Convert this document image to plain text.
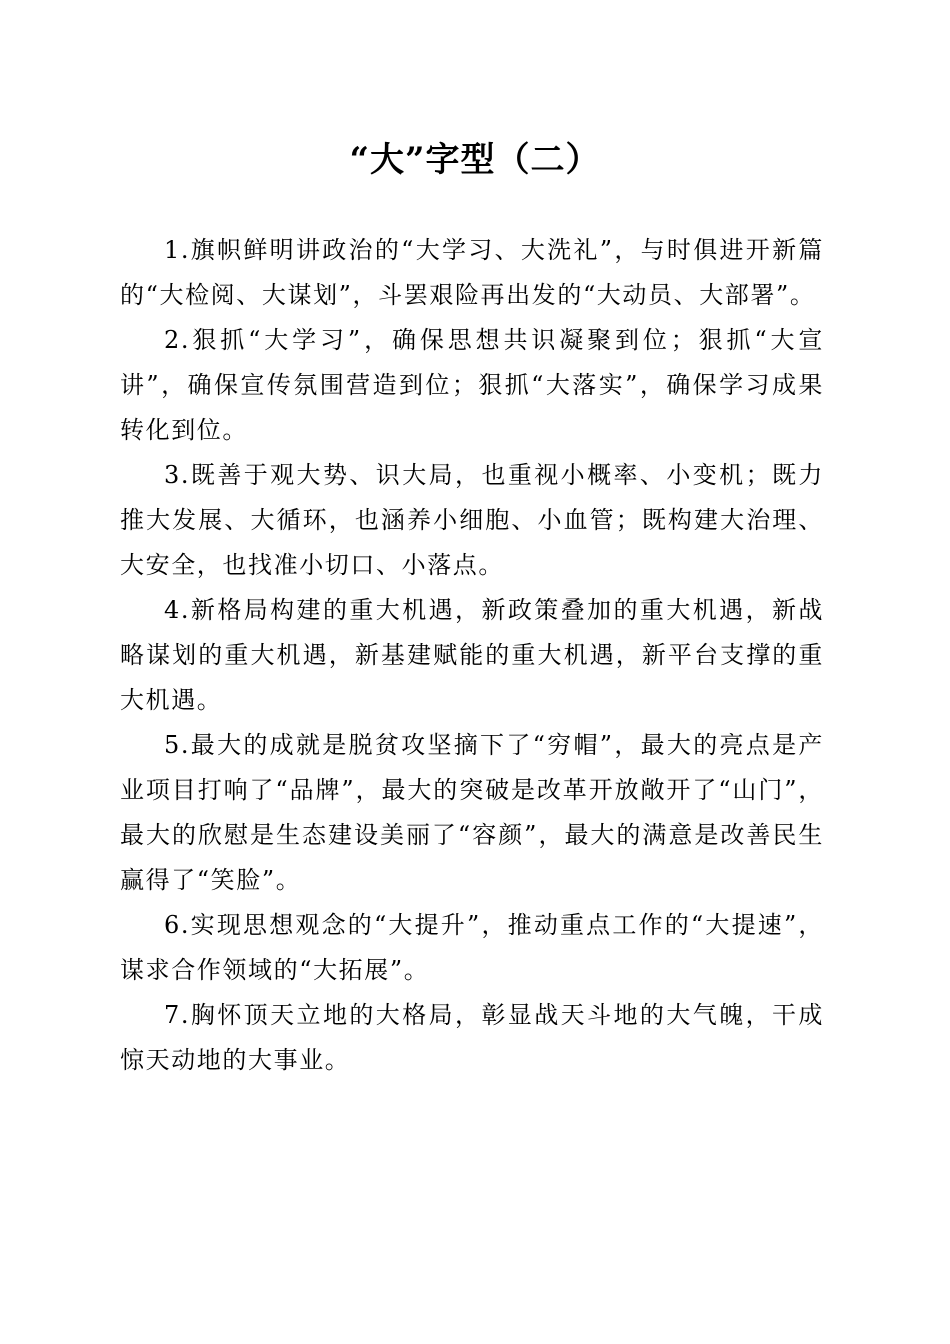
“大”字型（二）

1.旗帜鲜明讲政治的“大学习、大洗礼”，与时俱进开新篇的“大检阅、大谋划”，斗罢艰险再出发的“大动员、大部署”。

2.狠抓“大学习”，确保思想共识凝聚到位；狠抓“大宣讲”，确保宣传氛围营造到位；狠抓“大落实”，确保学习成果转化到位。

3.既善于观大势、识大局，也重视小概率、小变机；既力推大发展、大循环，也涵养小细胞、小血管；既构建大治理、大安全，也找准小切口、小落点。

4.新格局构建的重大机遇，新政策叠加的重大机遇，新战略谋划的重大机遇，新基建赋能的重大机遇，新平台支撑的重大机遇。

5.最大的成就是脱贫攻坚摘下了“穷帽”，最大的亮点是产业项目打响了“品牌”，最大的突破是改革开放敞开了“山门”，最大的欣慰是生态建设美丽了“容颜”，最大的满意是改善民生赢得了“笑脸”。

6.实现思想观念的“大提升”，推动重点工作的“大提速”，谋求合作领域的“大拓展”。

7.胸怀顶天立地的大格局，彰显战天斗地的大气魄，干成惊天动地的大事业。
